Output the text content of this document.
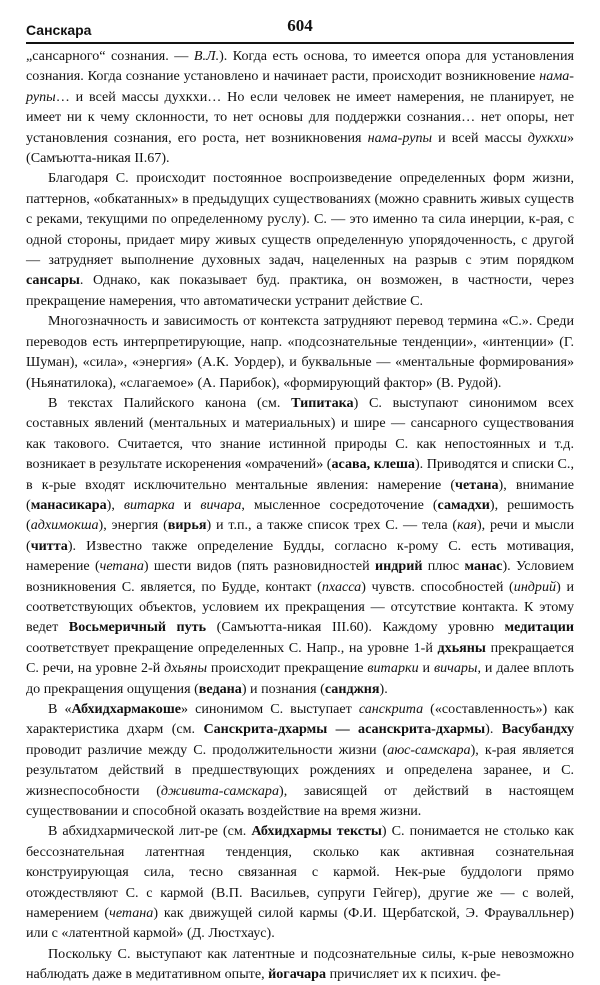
Санскара	604

„сансарного“ сознания. — В.Л.). Когда есть основа, то имеется опора для установления сознания. Когда сознание установлено и начинает расти, происходит возникновение нама-рупы… и всей массы духкхи… Но если человек не имеет намерения, не планирует, не имеет ни к чему склонности, то нет основы для поддержки сознания… нет опоры, нет установления сознания, его роста, нет возникновения нама-рупы и всей массы духкхи» (Самъютта-никая II.67).

Благодаря С. происходит постоянное воспроизведение определенных форм жизни, паттернов, «обкатанных» в предыдущих существованиях (можно сравнить живых существ с реками, текущими по определенному руслу). С. — это именно та сила инерции, к-рая, с одной стороны, придает миру живых существ определенную упорядоченность, с другой — затрудняет выполнение духовных задач, нацеленных на разрыв с этим порядком сансары. Однако, как показывает буд. практика, он возможен, в частности, через прекращение намерения, что автоматически устранит действие С.

Многозначность и зависимость от контекста затрудняют перевод термина «С.». Среди переводов есть интерпретирующие, напр. «подсознательные тенденции», «интенции» (Г. Шуман), «сила», «энергия» (А.К. Уордер), и буквальные — «ментальные формирования» (Ньянатилока), «слагаемое» (А. Парибок), «формирующий фактор» (В. Рудой).

В текстах Палийского канона (см. Типитака) С. выступают синонимом всех составных явлений (ментальных и материальных) и шире — сансарного существования как такового. Считается, что знание истинной природы С. как непостоянных и т.д. возникает в результате искоренения «омрачений» (асава, клеша). Приводятся и списки С., в к-рые входят исключительно ментальные явления: намерение (четана), внимание (манасикара), витарка и вичара, мысленное сосредоточение (самадхи), решимость (адхимокша), энергия (вирья) и т.п., а также список трех С. — тела (кая), речи и мысли (читта). Известно также определение Будды, согласно к-рому С. есть мотивация, намерение (четана) шести видов (пять разновидностей индрий плюс манас). Условием возникновения С. является, по Будде, контакт (пхасса) чувств. способностей (индрий) и соответствующих объектов, условием их прекращения — отсутствие контакта. К этому ведет Восьмеричный путь (Самъютта-никая III.60). Каждому уровню медитации соответствует прекращение определенных С. Напр., на уровне 1-й дхьяны прекращается С. речи, на уровне 2-й дхьяны происходит прекращение витарки и вичары, и далее вплоть до прекращения ощущения (ведана) и познания (санджня).

В «Абхидхармакоше» синонимом С. выступает санскрита («составленность») как характеристика дхарм (см. Санскрита-дхармы — асанскрита-дхармы). Васубандху проводит различие между С. продолжительности жизни (аюс-самскара), к-рая является результатом действий в предшествующих рождениях и определена заранее, и С. жизнеспособности (дживита-самскара), зависящей от действий в настоящем существовании и способной оказать воздействие на время жизни.

В абхидхармической лит-ре (см. Абхидхармы тексты) С. понимается не столько как бессознательная латентная тенденция, сколько как активная сознательная конструирующая сила, тесно связанная с кармой. Нек-рые буддологи прямо отождествляют С. с кармой (В.П. Васильев, супруги Гейгер), другие же — с волей, намерением (четана) как движущей силой кармы (Ф.И. Щербатской, Э. Фраувалльнер) или с «латентной кармой» (Д. Люстхаус).

Поскольку С. выступают как латентные и подсознательные силы, к-рые невозможно наблюдать даже в медитативном опыте, йогачара причисляет их к психич. фе-
